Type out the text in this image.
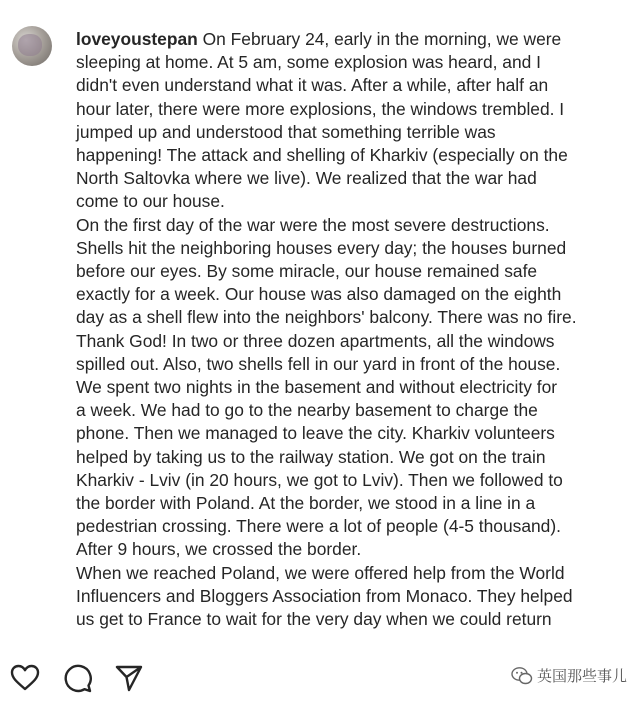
loveyoustepan On February 24, early in the morning, we were

sleeping at home. At 5 am, some explosion was heard, and I

didn't even understand what it was. After a while, after half an

hour later, there were more explosions, the windows trembled. I

jumped up and understood that something terrible was

happening! The attack and shelling of Kharkiv (especially on the

North Saltovka where we live). We realized that the war had

come to our house.

On the first day of the war were the most severe destructions.

Shells hit the neighboring houses every day; the houses burned

before our eyes. By some miracle, our house remained safe

exactly for a week. Our house was also damaged on the eighth

day as a shell flew into the neighbors' balcony. There was no fire.

Thank God! In two or three dozen apartments, all the windows

spilled out. Also, two shells fell in our yard in front of the house.

We spent two nights in the basement and without electricity for

a week. We had to go to the nearby basement to charge the

phone. Then we managed to leave the city. Kharkiv volunteers

helped by taking us to the railway station. We got on the train

Kharkiv - Lviv (in 20 hours, we got to Lviv). Then we followed to

the border with Poland. At the border, we stood in a line in a

pedestrian crossing. There were a lot of people (4-5 thousand).

After 9 hours, we crossed the border.

When we reached Poland, we were offered help from the World

Influencers and Bloggers Association from Monaco. They helped

us get to France to wait for the very day when we could return

英国那些事儿
